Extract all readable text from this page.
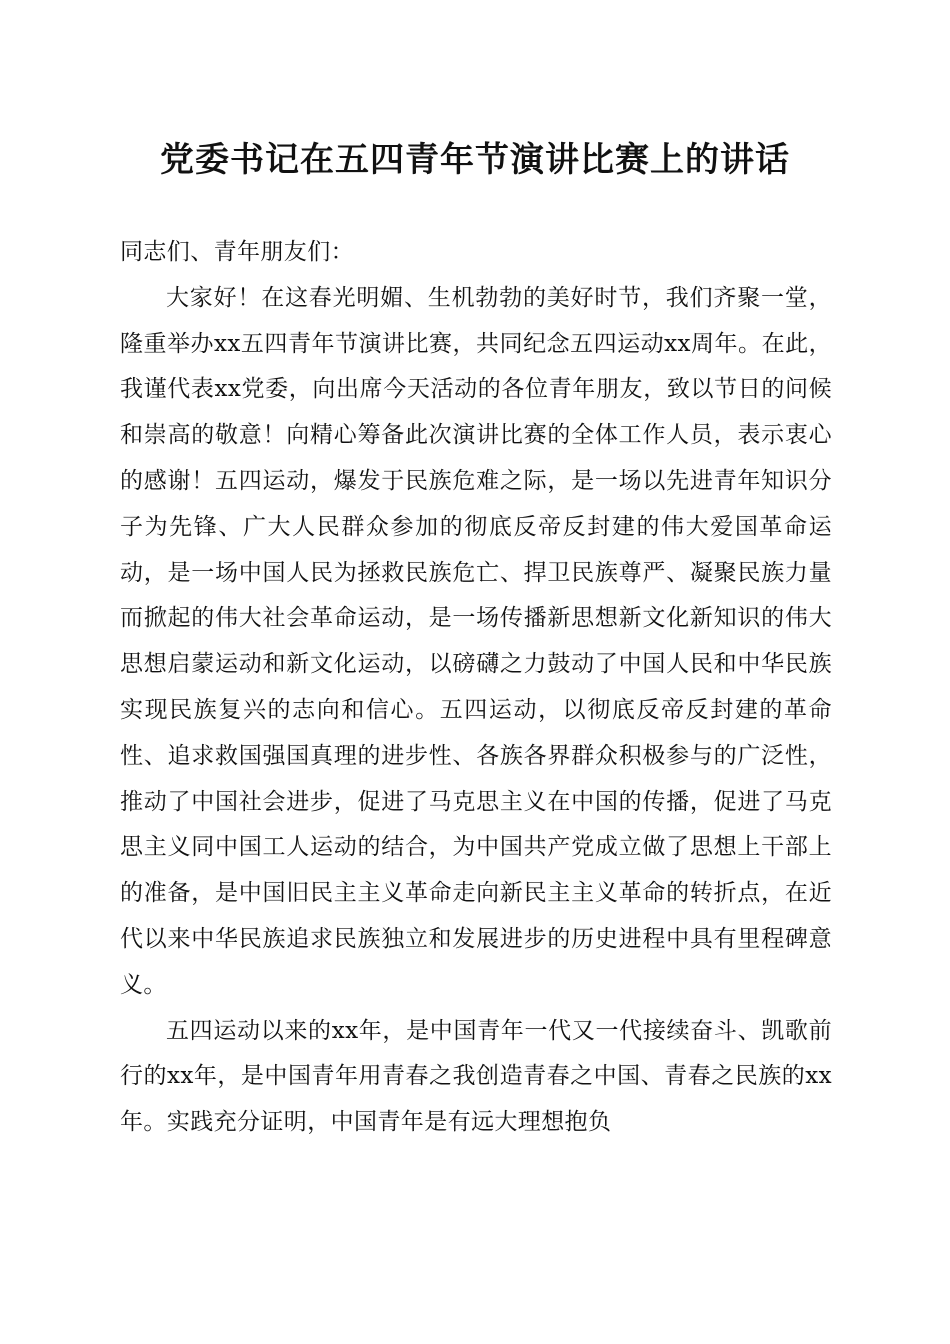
党委书记在五四青年节演讲比赛上的讲话

同志们、青年朋友们：

大家好！在这春光明媚、生机勃勃的美好时节，我们齐聚一堂，隆重举办xx五四青年节演讲比赛，共同纪念五四运动xx周年。在此，我谨代表xx党委，向出席今天活动的各位青年朋友，致以节日的问候和崇高的敬意！向精心筹备此次演讲比赛的全体工作人员，表示衷心的感谢！五四运动，爆发于民族危难之际，是一场以先进青年知识分子为先锋、广大人民群众参加的彻底反帝反封建的伟大爱国革命运动，是一场中国人民为拯救民族危亡、捍卫民族尊严、凝聚民族力量而掀起的伟大社会革命运动，是一场传播新思想新文化新知识的伟大思想启蒙运动和新文化运动，以磅礴之力鼓动了中国人民和中华民族实现民族复兴的志向和信心。五四运动，以彻底反帝反封建的革命性、追求救国强国真理的进步性、各族各界群众积极参与的广泛性，推动了中国社会进步，促进了马克思主义在中国的传播，促进了马克思主义同中国工人运动的结合，为中国共产党成立做了思想上干部上的准备，是中国旧民主主义革命走向新民主主义革命的转折点，在近代以来中华民族追求民族独立和发展进步的历史进程中具有里程碑意义。

五四运动以来的xx年，是中国青年一代又一代接续奋斗、凯歌前行的xx年，是中国青年用青春之我创造青春之中国、青春之民族的xx年。实践充分证明，中国青年是有远大理想抱负
